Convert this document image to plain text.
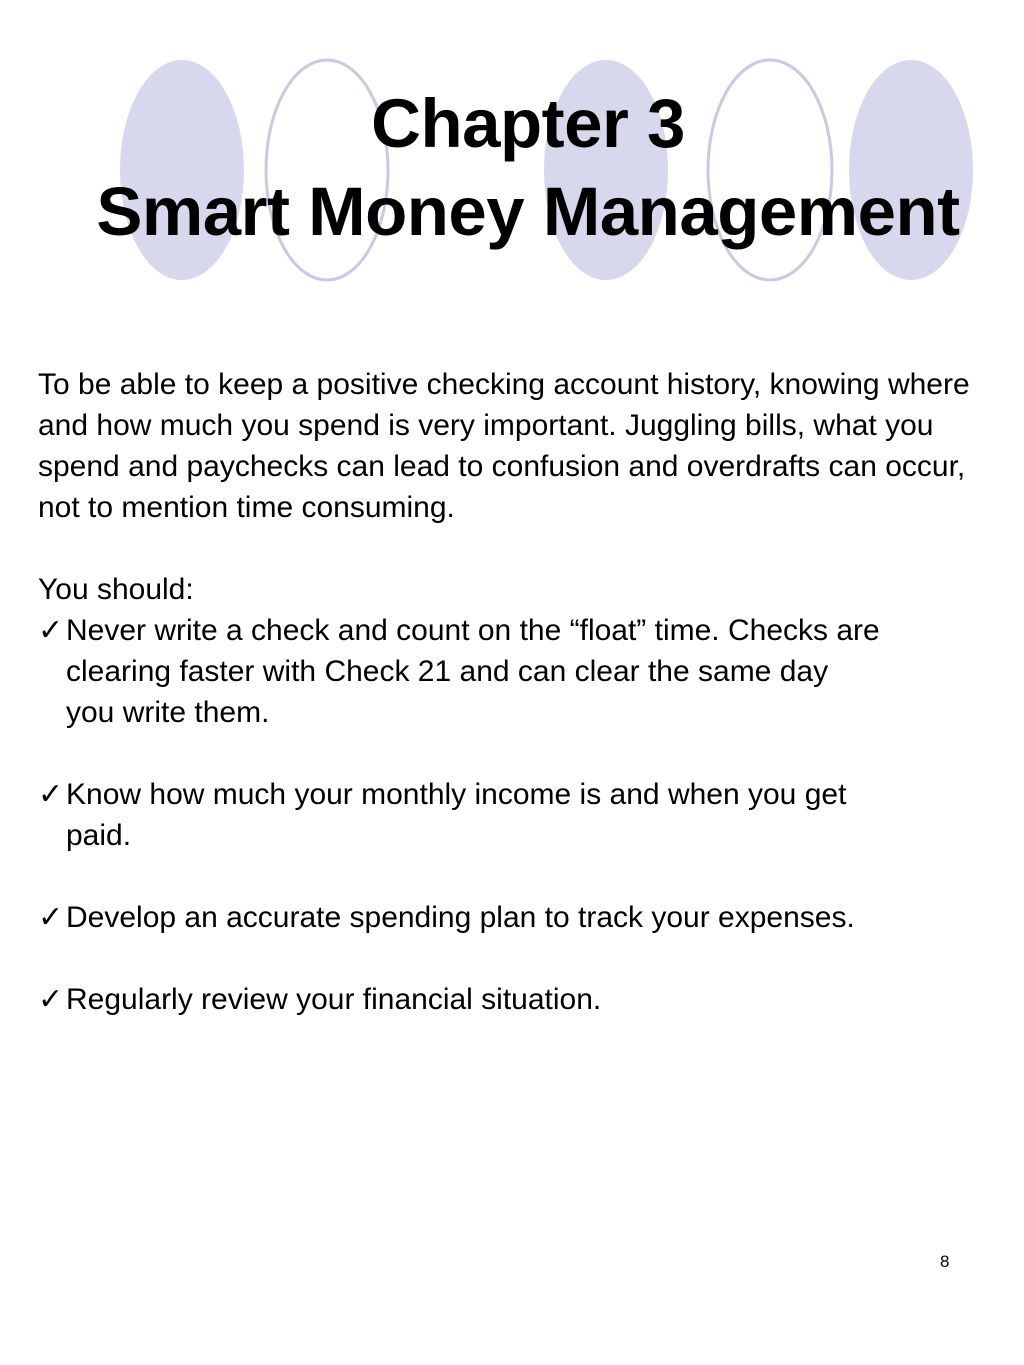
Chapter 3
Smart Money Management

To be able to keep a positive checking account history, knowing where and how much you spend is very important. Juggling bills, what you spend and paychecks can lead to confusion and overdrafts can occur, not to mention time consuming.

You should:

✓ Never write a check and count on the “float” time. Checks are
clearing faster with Check 21 and can clear the same day
you write them.
✓ Know how much your monthly income is and when you get
paid.
✓ Develop an accurate spending plan to track your expenses.
✓ Regularly review your financial situation.
8
